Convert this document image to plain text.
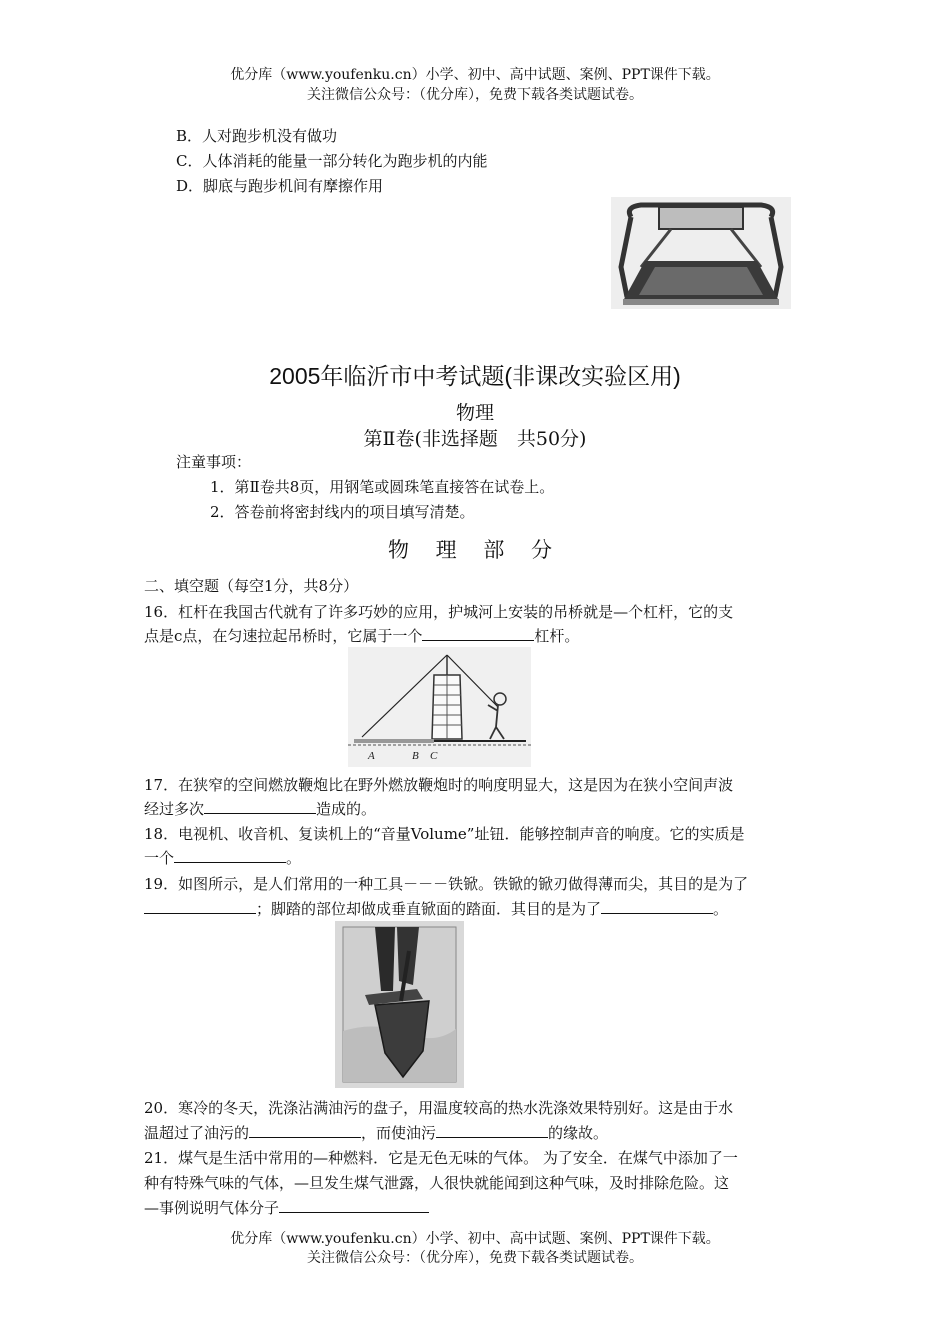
优分库（www.youfenku.cn）小学、初中、高中试题、案例、PPT课件下载。
关注微信公众号：（优分库），免费下载各类试题试卷。
B．人对跑步机没有做功
C．人体消耗的能量一部分转化为跑步机的内能
D．脚底与跑步机间有摩擦作用
2005年临沂市中考试题(非课改实验区用)
物理
第Ⅱ卷(非选择题　共50分)
注童事项：
1．第Ⅱ卷共8页，用钢笔或圆珠笔直接答在试卷上。
2．答卷前将密封线内的项目填写清楚。
物 理 部 分
二、填空题（每空1分，共8分）
16．杠杆在我国古代就有了许多巧妙的应用，护城河上安装的吊桥就是—个杠杆，它的支
点是c点，在匀速拉起吊桥时，它属于一个	杠杆。
A	B C
17．在狭窄的空间燃放鞭炮比在野外燃放鞭炮时的响度明显大，这是因为在狭小空间声波
经过多次	造成的。
18．电视机、收音机、复读机上的“音量Volume”址钮．能够控制声音的响度。它的实质是
一个	。
19．如图所示，是人们常用的一种工具－－－铁锨。铁锨的锨刃做得薄而尖，其目的是为了
；脚踏的部位却做成垂直锨面的踏面．其目的是为了	。
20．寒冷的冬天，洗涤沾满油污的盘子，用温度较高的热水洗涤效果特别好。这是由于水
温超过了油污的	，而使油污	的缘故。
21．煤气是生活中常用的—种燃料．它是无色无味的气体。 为了安全．在煤气中添加了一
种有特殊气味的气体，—旦发生煤气泄露，人很快就能闻到这种气味，及时排除危险。这
—事例说明气体分子
优分库（www.youfenku.cn）小学、初中、高中试题、案例、PPT课件下载。
关注微信公众号：（优分库），免费下载各类试题试卷。
